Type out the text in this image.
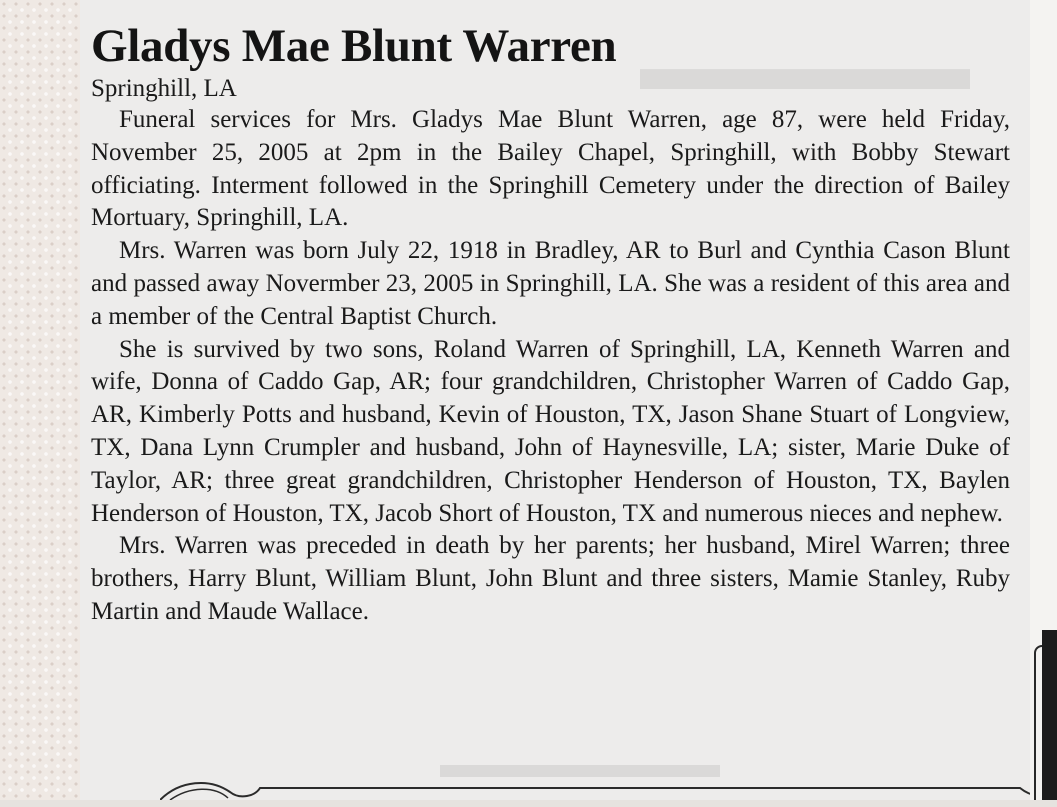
▬▬▬▬▬
▬▬▬▬▬▬▬
Gladys Mae Blunt Warren
Springhill, LA

Funeral services for Mrs. Gladys Mae Blunt Warren, age 87, were held Friday, November 25, 2005 at 2pm in the Bailey Chapel, Springhill, with Bobby Stewart officiating. Interment followed in the Springhill Cemetery under the direction of Bailey Mortuary, Springhill, LA.

Mrs. Warren was born July 22, 1918 in Bradley, AR to Burl and Cynthia Cason Blunt and passed away Novermber 23, 2005 in Springhill, LA. She was a resident of this area and a member of the Central Baptist Church.

She is survived by two sons, Roland Warren of Springhill, LA, Kenneth Warren and wife, Donna of Caddo Gap, AR; four grandchildren, Christopher Warren of Caddo Gap, AR, Kimberly Potts and husband, Kevin of Houston, TX, Jason Shane Stuart of Longview, TX, Dana Lynn Crumpler and husband, John of Haynesville, LA; sister, Marie Duke of Taylor, AR; three great grandchildren, Christopher Henderson of Houston, TX, Baylen Henderson of Houston, TX, Jacob Short of Houston, TX and numerous nieces and nephew.

Mrs. Warren was preceded in death by her parents; her husband, Mirel Warren; three brothers, Harry Blunt, William Blunt, John Blunt and three sisters, Mamie Stanley, Ruby Martin and Maude Wallace.
